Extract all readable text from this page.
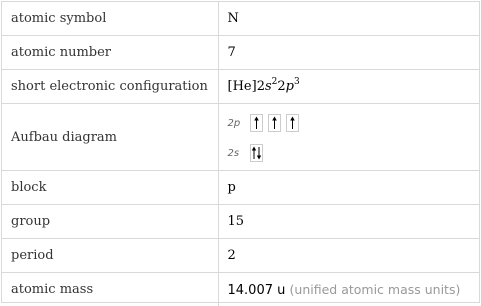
atomic symbol	N
atomic number	7
short electronic configuration	$[He]2s^22p^3$
Aufbau diagram	2p
2s

block	p
group	15
period	2
atomic mass	14.007 u (unified atomic mass units)
